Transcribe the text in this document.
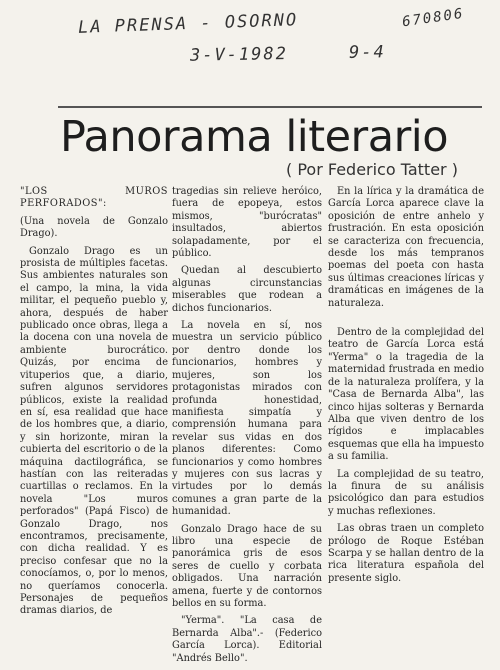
LA PRENSA - OSORNO	670806
3-V-1982	9-4
Panorama literario
( Por Federico Tatter )

"LOS MUROS PERFORADOS":

(Una novela de Gonzalo Drago).

Gonzalo Drago es un prosista de múltiples facetas. Sus ambientes naturales son el campo, la mina, la vida militar, el pequeño pueblo y, ahora, después de haber publicado once obras, llega a la docena con una novela de ambiente burocrático. Quizás, por encima de vituperios que, a diario, sufren algunos servidores públicos, existe la realidad en sí, esa realidad que hace de los hombres que, a diario, y sin horizonte, miran la cubierta del escritorio o de la máquina dactilográfica, se hastían con las reiteradas cuartillas o reclamos. En la novela "Los muros perforados" (Papá Fisco) de Gonzalo Drago, nos encontramos, precisamente, con dicha realidad. Y es preciso confesar que no la conocíamos, o, por lo menos, no queríamos conocerla. Personajes de pequeños dramas diarios, de

tragedias sin relieve heróico, fuera de epopeya, estos mismos, "burócratas" insultados, abiertos solapadamente, por el público.

Quedan al descubierto algunas circunstancias miserables que rodean a dichos funcionarios.

La novela en sí, nos muestra un servicio público por dentro donde los funcionarios, hombres y mujeres, son los protagonistas mirados con profunda honestidad, manifiesta simpatía y comprensión humana para revelar sus vidas en dos planos diferentes: Como funcionarios y como hombres y mujeres con sus lacras y virtudes por lo demás comunes a gran parte de la humanidad.

Gonzalo Drago hace de su libro una especie de panorámica gris de esos seres de cuello y corbata obligados. Una narración amena, fuerte y de contornos bellos en su forma.

"Yerma". "La casa de Bernarda Alba".- (Federico García Lorca). Editorial "Andrés Bello".

En la lírica y la dramática de García Lorca aparece clave la oposición de entre anhelo y frustración. En esta oposición se caracteriza con frecuencia, desde los más tempranos poemas del poeta con hasta sus últimas creaciones líricas y dramáticas en imágenes de la naturaleza.

Dentro de la complejidad del teatro de García Lorca está "Yerma" o la tragedia de la maternidad frustrada en medio de la naturaleza prolífera, y la "Casa de Bernarda Alba", las cinco hijas solteras y Bernarda Alba que viven dentro de los rígidos e implacables esquemas que ella ha impuesto a su familia.

La complejidad de su teatro, la finura de su análisis psicológico dan para estudios y muchas reflexiones.

Las obras traen un completo prólogo de Roque Estéban Scarpa y se hallan dentro de la rica literatura española del presente siglo.
